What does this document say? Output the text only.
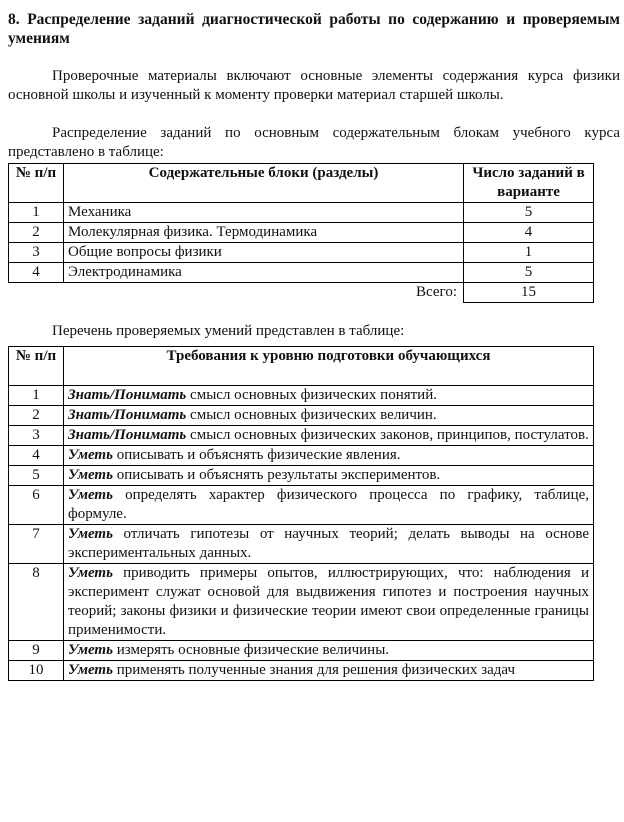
8. Распределение заданий диагностической работы по содержанию и проверяемым умениям

Проверочные материалы включают основные элементы содержания курса физики основной школы и изученный к моменту проверки материал старшей школы.

Распределение заданий по основным содержательным блокам учебного курса представлено в таблице:

№ п/п	Содержательные блоки (разделы)	Число заданий в варианте
1	Механика	5
2	Молекулярная физика. Термодинамика	4
3	Общие вопросы физики	1
4	Электродинамика	5
	Всего:	15

Перечень проверяемых умений представлен в таблице:

№ п/п	Требования к уровню подготовки обучающихся
1	Знать/Понимать смысл основных физических понятий.
2	Знать/Понимать смысл основных физических величин.
3	Знать/Понимать смысл основных физических законов, принципов, постулатов.
4	Уметь описывать и объяснять физические явления.
5	Уметь описывать и объяснять результаты экспериментов.
6	Уметь определять характер физического процесса по графику, таблице, формуле.
7	Уметь отличать гипотезы от научных теорий; делать выводы на основе экспериментальных данных.
8	Уметь приводить примеры опытов, иллюстрирующих, что: наблюдения и эксперимент служат основой для выдвижения гипотез и построения научных теорий; законы физики и физические теории имеют свои определенные границы применимости.
9	Уметь измерять основные физические величины.
10	Уметь применять полученные знания для решения физических задач
